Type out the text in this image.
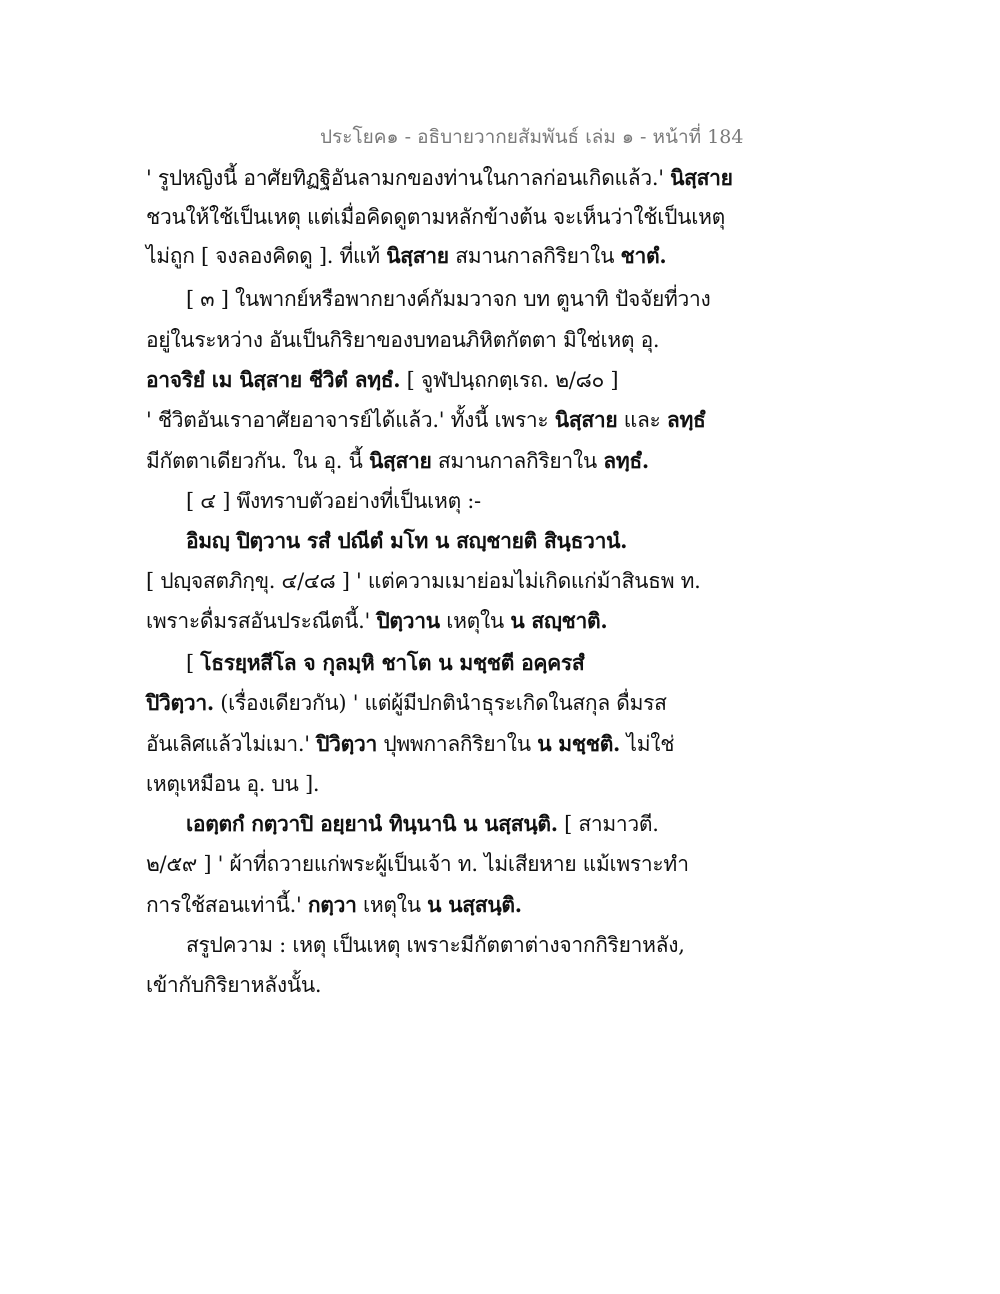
ประโยค๑ - อธิบายวากยสัมพันธ์ เล่ม ๑ - หน้าที่ 184
' รูปหญิงนี้ อาศัยทิฏฐิอันลามกของท่านในกาลก่อนเกิดแล้ว.' นิสฺสาย
ชวนให้ใช้เป็นเหตุ แต่เมื่อคิดดูตามหลักข้างต้น จะเห็นว่าใช้เป็นเหตุ
ไม่ถูก [ จงลองคิดดู ]. ที่แท้ นิสฺสาย สมานกาลกิริยาใน ชาตํ.
[ ๓ ] ในพากย์หรือพากยางค์กัมมวาจก บท ตูนาทิ ปัจจัยที่วาง
อยู่ในระหว่าง อันเป็นกิริยาของบทอนภิหิตกัตตา มิใช่เหตุ อุ.
อาจริยํ เม นิสฺสาย ชีวิตํ ลทฺธํ. [ จูฬปนฺถกตฺเรถ. ๒/๘๐ ]
' ชีวิตอันเราอาศัยอาจารย์ได้แล้ว.' ทั้งนี้ เพราะ นิสฺสาย และ ลทฺธํ
มีกัตตาเดียวกัน. ใน อุ. นี้ นิสฺสาย สมานกาลกิริยาใน ลทฺธํ.
[ ๔ ] พึงทราบตัวอย่างที่เป็นเหตุ :-
อิมญฺ ปิตฺวาน รสํ ปณีตํ มโท น สญฺชายติ สินฺธวานํ.
[ ปญฺจสตภิกฺขุ. ๔/๔๘ ] ' แต่ความเมาย่อมไม่เกิดแก่ม้าสินธพ ท.
เพราะดื่มรสอันประณีตนี้.' ปิตฺวาน เหตุใน น สญฺชาติ.
[ โธรยฺหสีโล จ กุลมฺหิ ชาโต น มชฺชตี อคฺครสํ
ปิวิตฺวา. (เรื่องเดียวกัน) ' แต่ผู้มีปกตินำธุระเกิดในสกุล ดื่มรส
อันเลิศแล้วไม่เมา.' ปิวิตฺวา ปุพพกาลกิริยาใน น มชฺชติ. ไม่ใช่
เหตุเหมือน อุ. บน ].
เอตฺตกํ กตฺวาปิ อยฺยานํ ทินฺนานิ น นสฺสนฺติ. [ สามาวตี.
๒/๕๙ ] ' ผ้าที่ถวายแก่พระผู้เป็นเจ้า ท. ไม่เสียหาย แม้เพราะทำ
การใช้สอนเท่านี้.' กตฺวา เหตุใน น นสฺสนฺติ.
สรูปความ : เหตุ เป็นเหตุ เพราะมีกัตตาต่างจากกิริยาหลัง,
เข้ากับกิริยาหลังนั้น.
